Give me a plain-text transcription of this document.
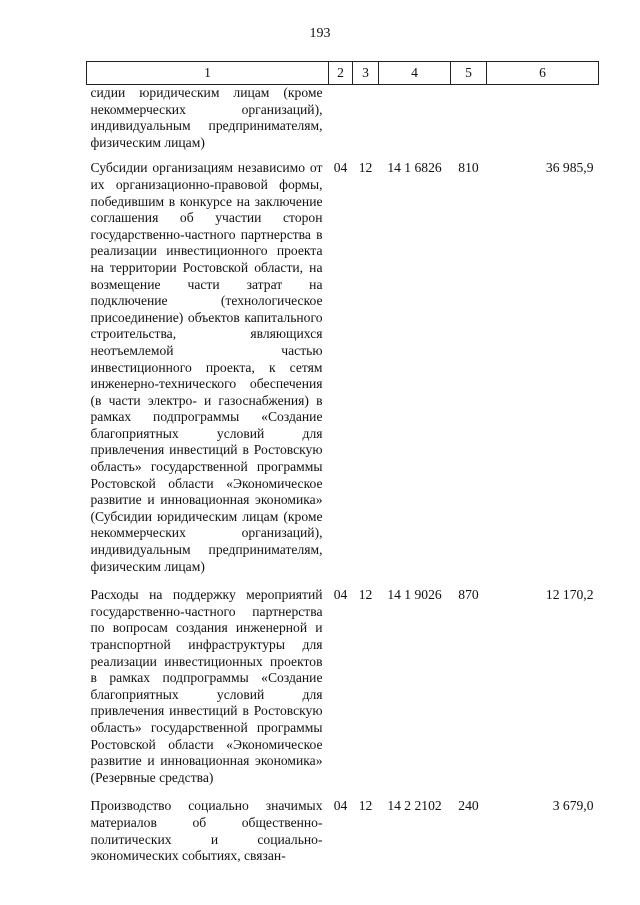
193
1	2	3	4	5	6
сидии юридическим лицам (кроме некоммерческих организаций), индивидуальным предпринимателям, физическим лицам)					
Субсидии организациям независимо от их организационно-правовой формы, победившим в конкурсе на заключение соглашения об участии сторон государственно-частного партнерства в реализации инвестиционного проекта на территории Ростовской области, на возмещение части затрат на подключение (технологическое присоединение) объектов капитального строительства, являющихся неотъемлемой частью инвестиционного проекта, к сетям инженерно-технического обеспечения (в части электро- и газоснабжения) в рамках подпрограммы «Создание благоприятных условий для привлечения инвестиций в Ростовскую область» государственной программы Ростовской области «Экономическое развитие и инновационная экономика» (Субсидии юридическим лицам (кроме некоммерческих организаций), индивидуальным предпринимателям, физическим лицам)	04	12	14 1 6826	810	36 985,9
Расходы на поддержку мероприятий государственно-частного партнерства по вопросам создания инженерной и транспортной инфраструктуры для реализации инвестиционных проектов в рамках подпрограммы «Создание благоприятных условий для привлечения инвестиций в Ростовскую область» государственной программы Ростовской области «Экономическое развитие и инновационная экономика» (Резервные средства)	04	12	14 1 9026	870	12 170,2
Производство социально значимых материалов об общественно-политических и социально-экономических событиях, связан-	04	12	14 2 2102	240	3 679,0
